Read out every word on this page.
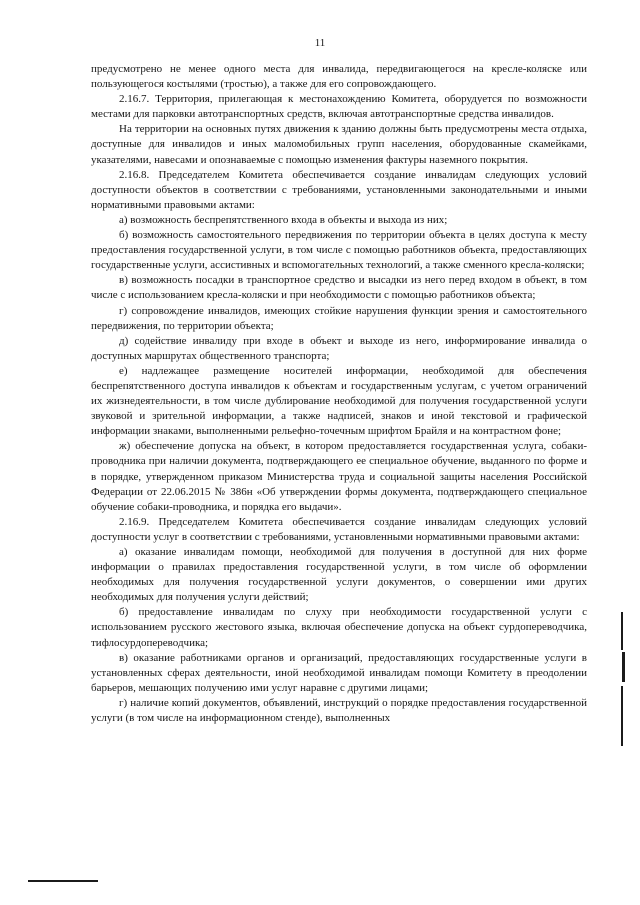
11

предусмотрено не менее одного места для инвалида, передвигающегося на кресле-коляске или пользующегося костылями (тростью), а также для его сопровождающего.

2.16.7. Территория, прилегающая к местонахождению Комитета, оборудуется по возможности местами для парковки автотранспортных средств, включая автотранспортные средства инвалидов.

На территории на основных путях движения к зданию должны быть предусмотрены места отдыха, доступные для инвалидов и иных маломобильных групп населения, оборудованные скамейками, указателями, навесами и опознаваемые с помощью изменения фактуры наземного покрытия.

2.16.8. Председателем Комитета обеспечивается создание инвалидам следующих условий доступности объектов в соответствии с требованиями, установленными законодательными и иными нормативными правовыми актами:

а) возможность беспрепятственного входа в объекты и выхода из них;

б) возможность самостоятельного передвижения по территории объекта в целях доступа к месту предоставления государственной услуги, в том числе с помощью работников объекта, предоставляющих государственные услуги, ассистивных и вспомогательных технологий, а также сменного кресла-коляски;

в) возможность посадки в транспортное средство и высадки из него перед входом в объект, в том числе с использованием кресла-коляски и при необходимости с помощью работников объекта;

г) сопровождение инвалидов, имеющих стойкие нарушения функции зрения и самостоятельного передвижения, по территории объекта;

д) содействие инвалиду при входе в объект и выходе из него, информирование инвалида о доступных маршрутах общественного транспорта;

е) надлежащее размещение носителей информации, необходимой для обеспечения беспрепятственного доступа инвалидов к объектам и государственным услугам, с учетом ограничений их жизнедеятельности, в том числе дублирование необходимой для получения государственной услуги звуковой и зрительной информации, а также надписей, знаков и иной текстовой и графической информации знаками, выполненными рельефно-точечным шрифтом Брайля и на контрастном фоне;

ж) обеспечение допуска на объект, в котором предоставляется государственная услуга, собаки-проводника при наличии документа, подтверждающего ее специальное обучение, выданного по форме и в порядке, утвержденном приказом Министерства труда и социальной защиты населения Российской Федерации от 22.06.2015 № 386н «Об утверждении формы документа, подтверждающего специальное обучение собаки-проводника, и порядка его выдачи».

2.16.9. Председателем Комитета обеспечивается создание инвалидам следующих условий доступности услуг в соответствии с требованиями, установленными нормативными правовыми актами:

а) оказание инвалидам помощи, необходимой для получения в доступной для них форме информации о правилах предоставления государственной услуги, в том числе об оформлении необходимых для получения государственной услуги документов, о совершении ими других необходимых для получения услуги действий;

б) предоставление инвалидам по слуху при необходимости государственной услуги с использованием русского жестового языка, включая обеспечение допуска на объект сурдопереводчика, тифлосурдопереводчика;

в) оказание работниками органов и организаций, предоставляющих государственные услуги в установленных сферах деятельности, иной необходимой инвалидам помощи Комитету в преодолении барьеров, мешающих получению ими услуг наравне с другими лицами;

г) наличие копий документов, объявлений, инструкций о порядке предоставления государственной услуги (в том числе на информационном стенде), выполненных
